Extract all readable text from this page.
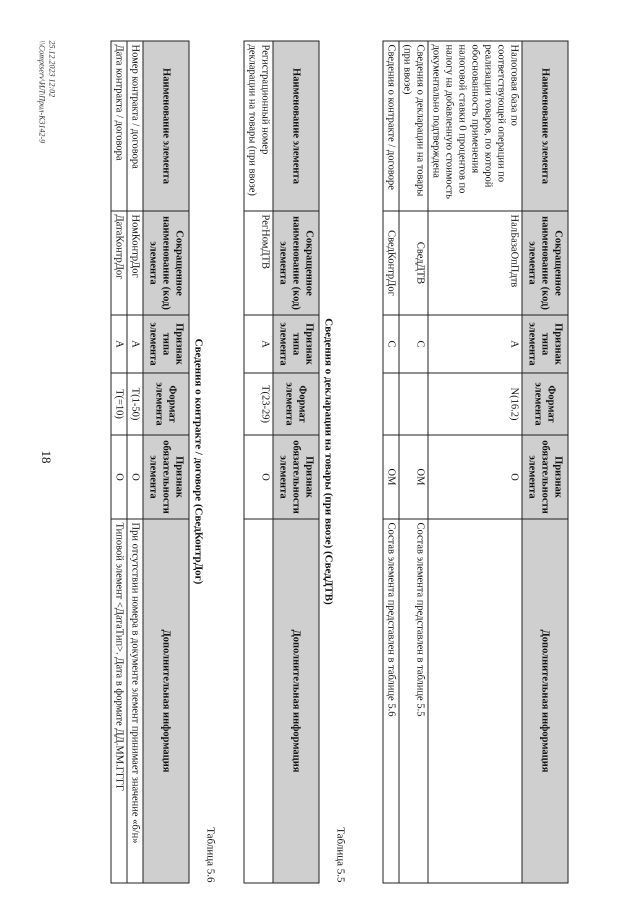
18
Наименование элемента	Сокращенное наименование (код) элемента	Признак типа элемента	Формат элемента	Признак обязательности элемента	Дополнительная информация
Налоговая база по соответствующей операции по реализации товаров, по которой обоснованность применения налоговой ставки 0 процентов по налогу на добавленную стоимость документально подтверждена	НалБазаОпПдтв	А	N(16.2)	О	
Сведения о декларации на товары (при ввозе)	СведДТВ	С		ОМ	Состав элемента представлен в таблице 5.5
Сведения о контракте / договоре	СведКонтрДог	С		ОМ	Состав элемента представлен в таблице 5.6
Таблица 5.5
Сведения о декларации на товары (при ввозе) (СведДТВ)
Наименование элемента	Сокращенное наименование (код) элемента	Признак типа элемента	Формат элемента	Признак обязательности элемента	Дополнительная информация
Регистрационный номер декларации на товары (при ввозе)	РегНомДТВ	А	T(23-29)	О	
Таблица 5.6
Сведения о контракте / договоре (СведКонтрДог)
Наименование элемента	Сокращенное наименование (код) элемента	Признак типа элемента	Формат элемента	Признак обязательности элемента	Дополнительная информация
Номер контракта / договора	НомКонтрДог	А	T(1-50)	О	При отсутствии номера в документе элемент принимает значение «б/н»
Дата контракта / договора	ДатаКонтрДог	А	T(=10)	О	Типовой элемент <ДатаТип>. Дата в формате ДД.ММ.ГГГГ
25.12.2023 12:02
\\Comptserv\ИЛ\Прил-КЗ142-9
